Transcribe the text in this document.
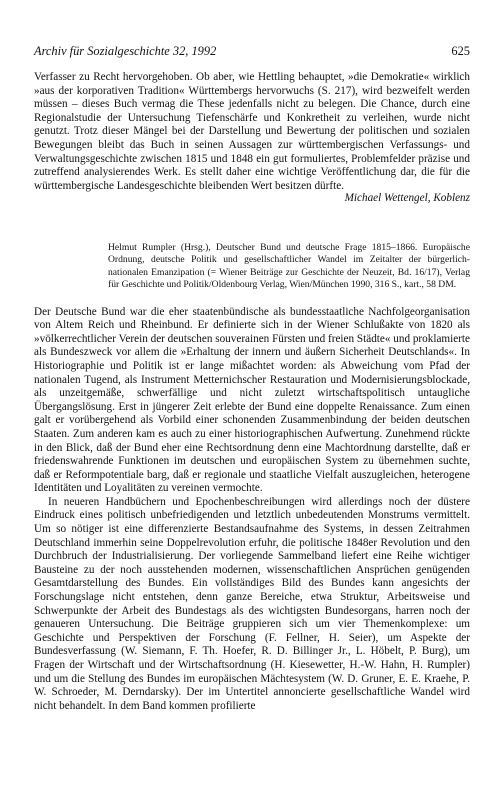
Archiv für Sozialgeschichte 32, 1992	625

Verfasser zu Recht hervorgehoben. Ob aber, wie Hettling behauptet, »die Demokratie« wirklich »aus der korporativen Tradition« Württembergs hervorwuchs (S. 217), wird bezweifelt werden müssen – dieses Buch vermag die These jedenfalls nicht zu belegen. Die Chance, durch eine Regionalstudie der Untersuchung Tiefenschärfe und Konkretheit zu verleihen, wurde nicht genutzt. Trotz dieser Mängel bei der Darstellung und Bewertung der politischen und sozialen Bewegungen bleibt das Buch in seinen Aussagen zur württembergischen Verfassungs- und Verwaltungsgeschichte zwischen 1815 und 1848 ein gut formuliertes, Problemfelder präzise und zutreffend analysierendes Werk. Es stellt daher eine wichtige Veröffentlichung dar, die für die württembergische Landesgeschichte bleibenden Wert besitzen dürfte.

Michael Wettengel, Koblenz

Helmut Rumpler (Hrsg.), Deutscher Bund und deutsche Frage 1815–1866. Europäische Ordnung, deutsche Politik und gesellschaftlicher Wandel im Zeitalter der bürgerlich-nationalen Emanzipation (= Wiener Beiträge zur Geschichte der Neuzeit, Bd. 16/17), Verlag für Geschichte und Politik/Oldenbourg Verlag, Wien/München 1990, 316 S., kart., 58 DM.

Der Deutsche Bund war die eher staatenbündische als bundesstaatliche Nachfolgeorganisation von Altem Reich und Rheinbund. Er definierte sich in der Wiener Schlußakte von 1820 als »völkerrechtlicher Verein der deutschen souverainen Fürsten und freien Städte« und proklamierte als Bundeszweck vor allem die »Erhaltung der innern und äußern Sicherheit Deutschlands«. In Historiographie und Politik ist er lange mißachtet worden: als Abweichung vom Pfad der nationalen Tugend, als Instrument Metternichscher Restauration und Modernisierungsblockade, als unzeitgemäße, schwerfällige und nicht zuletzt wirtschaftspolitisch untaugliche Übergangslösung. Erst in jüngerer Zeit erlebte der Bund eine doppelte Renaissance. Zum einen galt er vorübergehend als Vorbild einer schonenden Zusammenbindung der beiden deutschen Staaten. Zum anderen kam es auch zu einer historiographischen Aufwertung. Zunehmend rückte in den Blick, daß der Bund eher eine Rechtsordnung denn eine Machtordnung darstellte, daß er friedenswahrende Funktionen im deutschen und europäischen System zu übernehmen suchte, daß er Reformpotentiale barg, daß er regionale und staatliche Vielfalt auszugleichen, heterogene Identitäten und Loyalitäten zu vereinen vermochte.

In neueren Handbüchern und Epochenbeschreibungen wird allerdings noch der düstere Eindruck eines politisch unbefriedigenden und letztlich unbedeutenden Monstrums vermittelt. Um so nötiger ist eine differenzierte Bestandsaufnahme des Systems, in dessen Zeitrahmen Deutschland immerhin seine Doppelrevolution erfuhr, die politische 1848er Revolution und den Durchbruch der Industrialisierung. Der vorliegende Sammelband liefert eine Reihe wichtiger Bausteine zu der noch ausstehenden modernen, wissenschaftlichen Ansprüchen genügenden Gesamtdarstellung des Bundes. Ein vollständiges Bild des Bundes kann angesichts der Forschungslage nicht entstehen, denn ganze Bereiche, etwa Struktur, Arbeitsweise und Schwerpunkte der Arbeit des Bundestags als des wichtigsten Bundesorgans, harren noch der genaueren Untersuchung. Die Beiträge gruppieren sich um vier Themenkomplexe: um Geschichte und Perspektiven der Forschung (F. Fellner, H. Seier), um Aspekte der Bundesverfassung (W. Siemann, F. Th. Hoefer, R. D. Billinger Jr., L. Höbelt, P. Burg), um Fragen der Wirtschaft und der Wirtschaftsordnung (H. Kiesewetter, H.-W. Hahn, H. Rumpler) und um die Stellung des Bundes im europäischen Mächtesystem (W. D. Gruner, E. E. Kraehe, P. W. Schroeder, M. Derndarsky). Der im Untertitel annoncierte gesellschaftliche Wandel wird nicht behandelt. In dem Band kommen profilierte
